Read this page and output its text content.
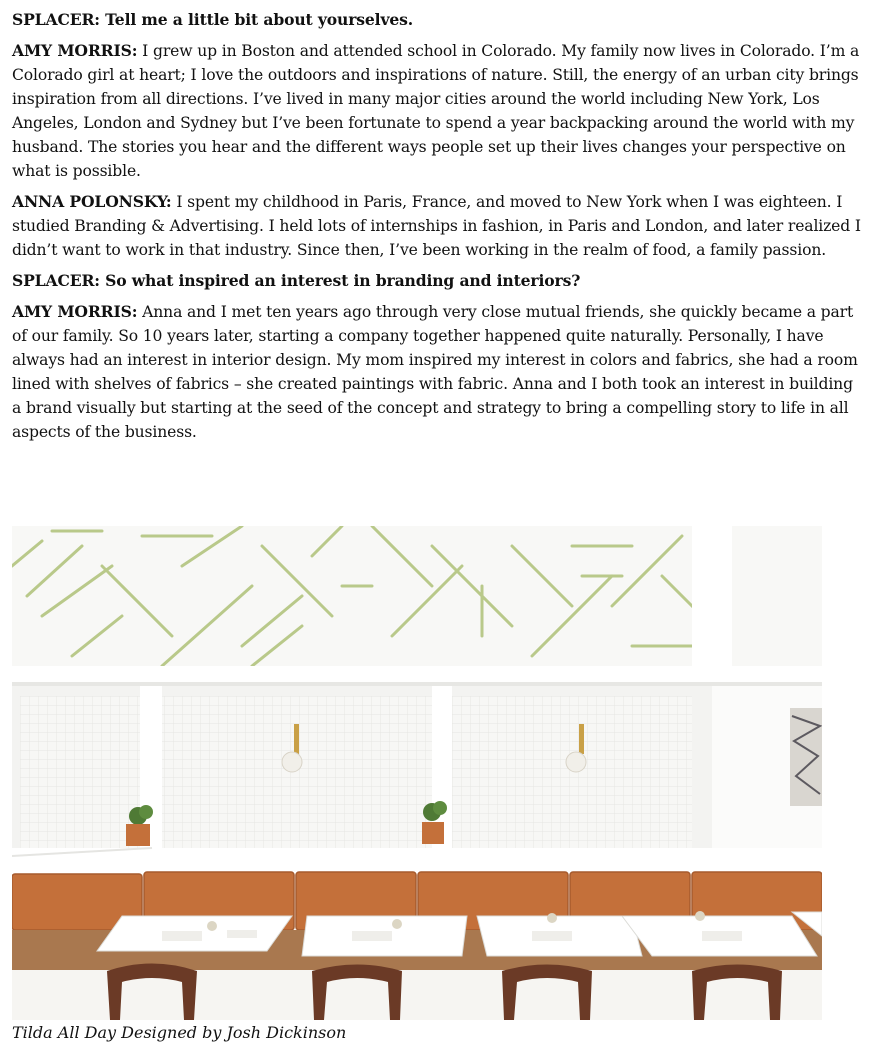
SPLACER: Tell me a little bit about yourselves.

AMY MORRIS: I grew up in Boston and attended school in Colorado. My family now lives in Colorado. I’m a Colorado girl at heart; I love the outdoors and inspirations of nature. Still, the energy of an urban city brings inspiration from all directions. I’ve lived in many major cities around the world including New York, Los Angeles, London and Sydney but I’ve been fortunate to spend a year backpacking around the world with my husband. The stories you hear and the different ways people set up their lives changes your perspective on what is possible.

ANNA POLONSKY: I spent my childhood in Paris, France, and moved to New York when I was eighteen. I studied Branding & Advertising. I held lots of internships in fashion, in Paris and London, and later realized I didn’t want to work in that industry. Since then, I’ve been working in the realm of food, a family passion.

SPLACER: So what inspired an interest in branding and interiors?

AMY MORRIS: Anna and I met ten years ago through very close mutual friends, she quickly became a part of our family. So 10 years later, starting a company together happened quite naturally. Personally, I have always had an interest in interior design. My mom inspired my interest in colors and fabrics, she had a room lined with shelves of fabrics – she created paintings with fabric. Anna and I both took an interest in building a brand visually but starting at the seed of the concept and strategy to bring a compelling story to life in all aspects of the business.

Tilda All Day Designed by Josh Dickinson
